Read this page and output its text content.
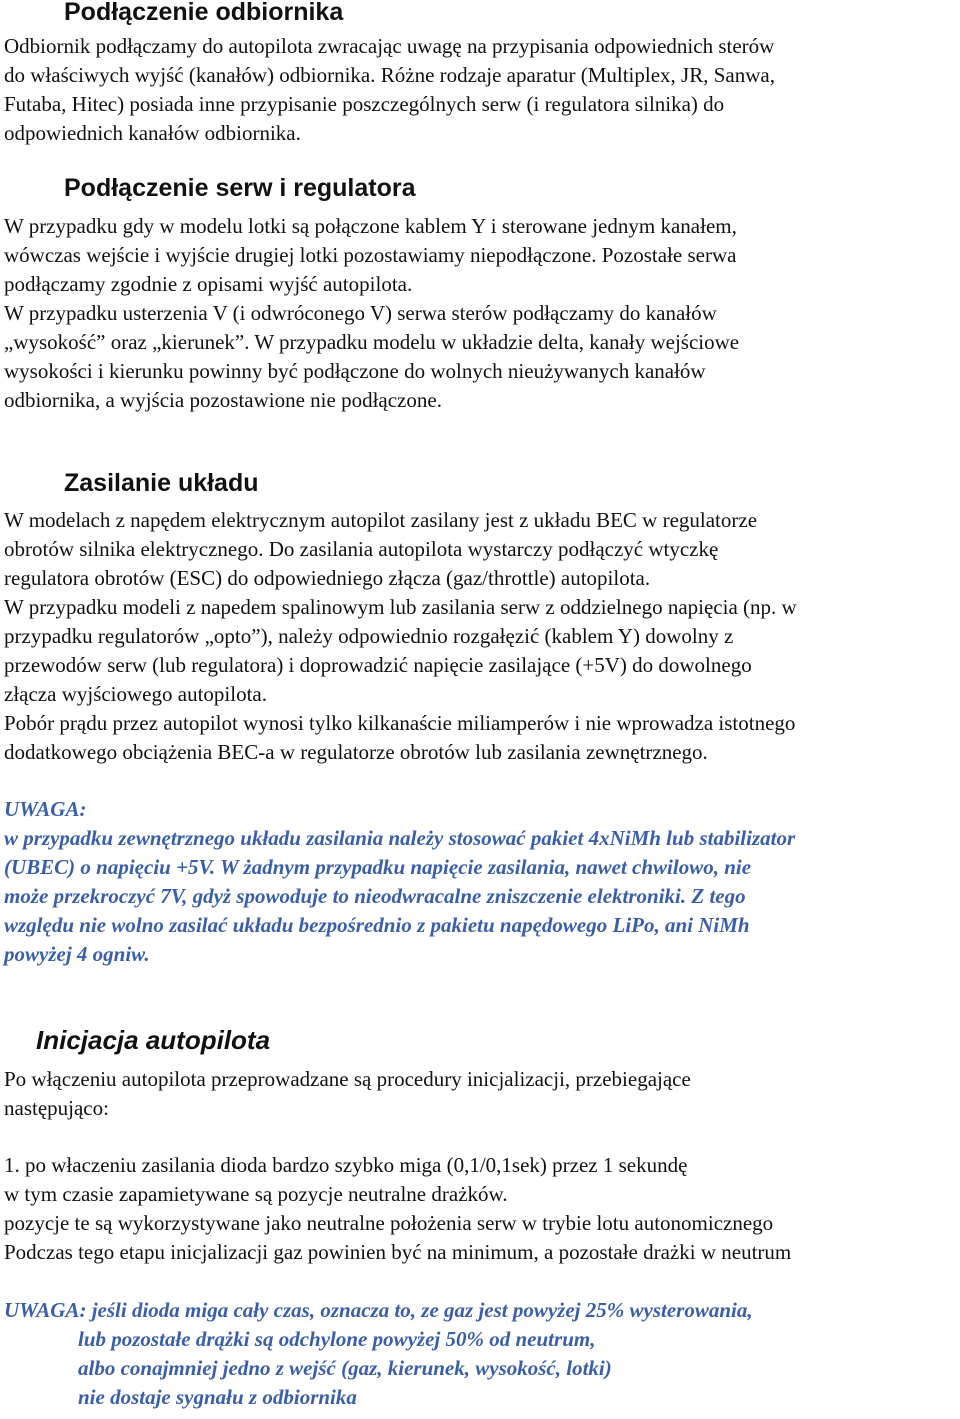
Podłączenie odbiornika
Odbiornik podłączamy do autopilota zwracając uwagę na przypisania odpowiednich sterów
do właściwych wyjść (kanałów) odbiornika. Różne rodzaje aparatur (Multiplex, JR, Sanwa,
Futaba, Hitec) posiada inne przypisanie poszczególnych serw (i regulatora silnika) do
odpowiednich kanałów odbiornika.
Podłączenie serw i regulatora
W przypadku gdy w modelu lotki są połączone kablem Y i sterowane jednym kanałem,
wówczas wejście i wyjście drugiej lotki pozostawiamy niepodłączone. Pozostałe serwa
podłączamy zgodnie z opisami wyjść autopilota.
W przypadku usterzenia V (i odwróconego V) serwa sterów podłączamy do kanałów
„wysokość” oraz „kierunek”. W przypadku modelu w układzie delta, kanały wejściowe
wysokości i kierunku powinny być podłączone do wolnych nieużywanych kanałów
odbiornika, a wyjścia pozostawione nie podłączone.
Zasilanie układu
W modelach z napędem elektrycznym autopilot zasilany jest z układu BEC w regulatorze
obrotów silnika elektrycznego. Do zasilania autopilota wystarczy podłączyć wtyczkę
regulatora obrotów (ESC) do odpowiedniego złącza (gaz/throttle) autopilota.
W przypadku modeli z napedem spalinowym lub zasilania serw z oddzielnego napięcia (np. w
przypadku regulatorów „opto”), należy odpowiednio rozgałęzić (kablem Y) dowolny z
przewodów serw (lub regulatora) i doprowadzić napięcie zasilające (+5V) do dowolnego
złącza wyjściowego autopilota.
Pobór prądu przez autopilot wynosi tylko kilkanaście miliamperów i nie wprowadza istotnego
dodatkowego obciążenia BEC-a w regulatorze obrotów lub zasilania zewnętrznego.
UWAGA:
w przypadku zewnętrznego układu zasilania należy stosować pakiet 4xNiMh lub stabilizator
(UBEC) o napięciu +5V. W żadnym przypadku napięcie zasilania, nawet chwilowo, nie
może przekroczyć 7V, gdyż spowoduje to nieodwracalne zniszczenie elektroniki. Z tego
względu nie wolno zasilać układu bezpośrednio z pakietu napędowego LiPo, ani NiMh
powyżej 4 ogniw.
Inicjacja autopilota
Po włączeniu autopilota przeprowadzane są procedury inicjalizacji, przebiegające
następująco:
1. po właczeniu zasilania dioda bardzo szybko miga (0,1/0,1sek) przez 1 sekundę
w tym czasie zapamietywane są pozycje neutralne drażków.
pozycje te są wykorzystywane jako neutralne położenia serw w trybie lotu autonomicznego
Podczas tego etapu inicjalizacji gaz powinien być na minimum, a pozostałe drażki w neutrum
UWAGA: jeśli dioda miga cały czas, oznacza to, ze gaz jest powyżej 25% wysterowania,
lub pozostałe drążki są odchylone powyżej 50% od neutrum,
albo conajmniej jedno z wejść (gaz, kierunek, wysokość, lotki)
nie dostaje sygnału z odbiornika
